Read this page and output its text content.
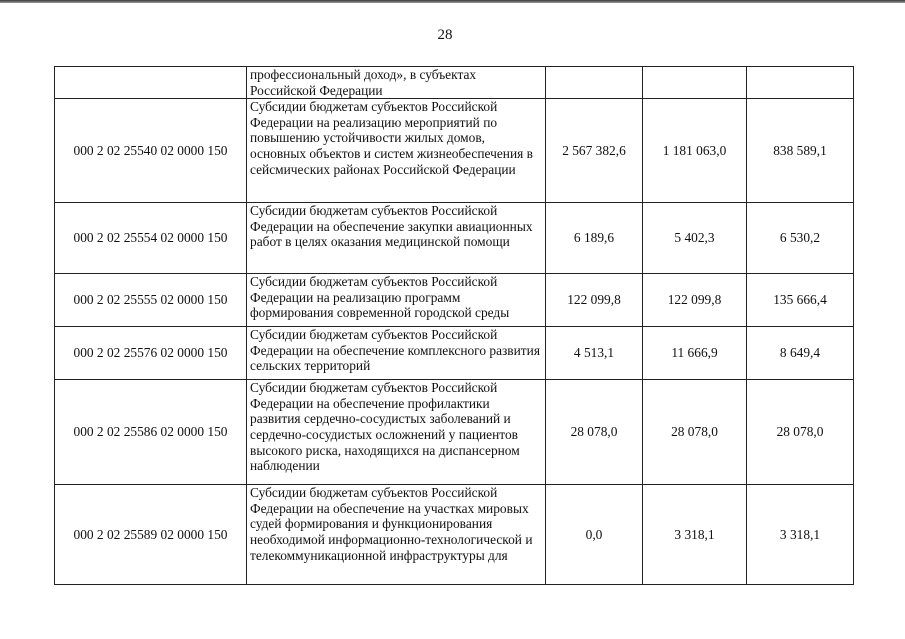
28
	профессиональный доход», в субъектах Российской Федерации			
000 2 02 25540 02 0000 150	Субсидии бюджетам субъектов Российской Федерации на реализацию мероприятий по повышению устойчивости жилых домов, основных объектов и систем жизнеобеспечения в сейсмических районах Российской Федерации	2 567 382,6	1 181 063,0	838 589,1
000 2 02 25554 02 0000 150	Субсидии бюджетам субъектов Российской Федерации на обеспечение закупки авиационных работ в целях оказания медицинской помощи	6 189,6	5 402,3	6 530,2
000 2 02 25555 02 0000 150	Субсидии бюджетам субъектов Российской Федерации на реализацию программ формирования современной городской среды	122 099,8	122 099,8	135 666,4
000 2 02 25576 02 0000 150	Субсидии бюджетам субъектов Российской Федерации на обеспечение комплексного развития сельских территорий	4 513,1	11 666,9	8 649,4
000 2 02 25586 02 0000 150	Субсидии бюджетам субъектов Российской Федерации на обеспечение профилактики развития сердечно-сосудистых заболеваний и сердечно-сосудистых осложнений у пациентов высокого риска, находящихся на диспансерном наблюдении	28 078,0	28 078,0	28 078,0
000 2 02 25589 02 0000 150	Субсидии бюджетам субъектов Российской Федерации на обеспечение на участках мировых судей формирования и функционирования необходимой информационно-технологической и телекоммуникационной инфраструктуры для	0,0	3 318,1	3 318,1
